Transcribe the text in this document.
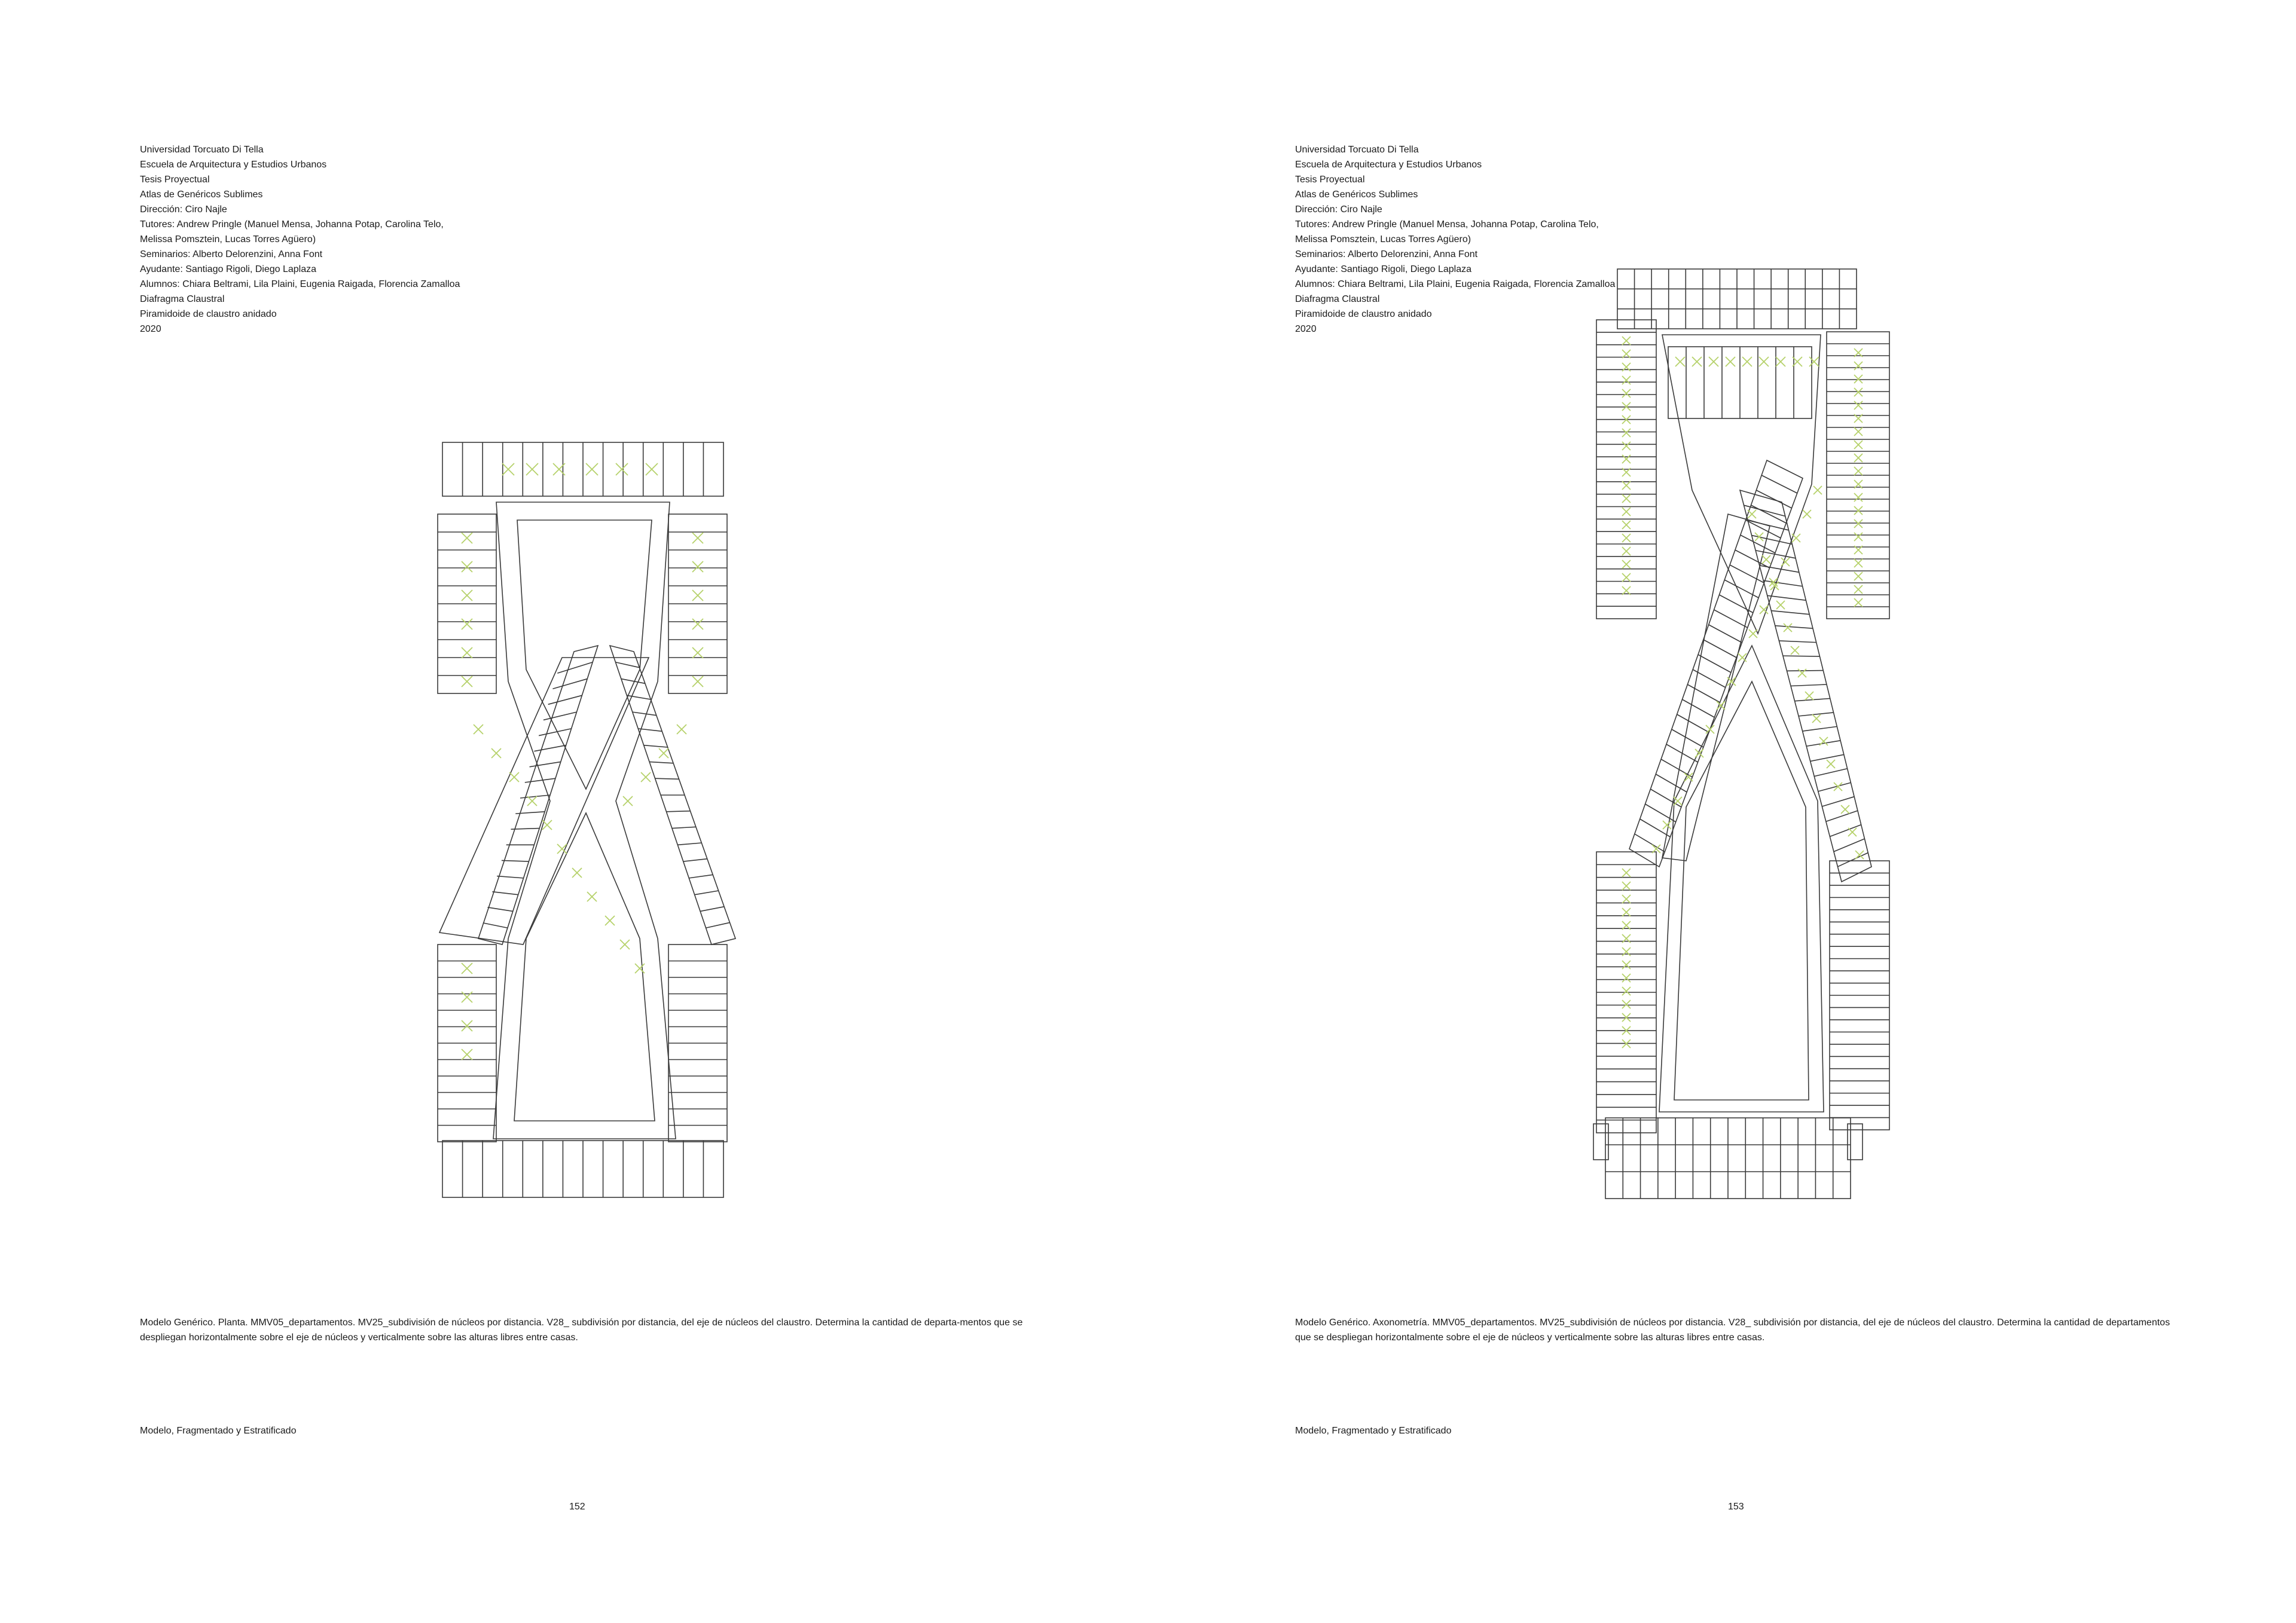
Universidad Torcuato Di Tella
Escuela de Arquitectura y Estudios Urbanos
Tesis Proyectual
Atlas de Genéricos Sublimes
Dirección: Ciro Najle
Tutores: Andrew Pringle (Manuel Mensa, Johanna Potap, Carolina Telo,
Melissa Pomsztein, Lucas Torres Agüero)
Seminarios: Alberto Delorenzini, Anna Font
Ayudante: Santiago Rigoli, Diego Laplaza
Alumnos: Chiara Beltrami, Lila Plaini, Eugenia Raigada, Florencia Zamalloa
Diafragma Claustral
Piramidoide de claustro anidado
2020
Modelo Genérico. Planta. MMV05_departamentos. MV25_subdivisión de núcleos por distancia. V28_ subdivisión por distancia, del eje de núcleos del claustro. Determina la cantidad de departa-mentos que se despliegan horizontalmente sobre el eje de núcleos y verticalmente sobre las alturas libres entre casas.
Modelo, Fragmentado y Estratificado
152
Universidad Torcuato Di Tella
Escuela de Arquitectura y Estudios Urbanos
Tesis Proyectual
Atlas de Genéricos Sublimes
Dirección: Ciro Najle
Tutores: Andrew Pringle (Manuel Mensa, Johanna Potap, Carolina Telo,
Melissa Pomsztein, Lucas Torres Agüero)
Seminarios: Alberto Delorenzini, Anna Font
Ayudante: Santiago Rigoli, Diego Laplaza
Alumnos: Chiara Beltrami, Lila Plaini, Eugenia Raigada, Florencia Zamalloa
Diafragma Claustral
Piramidoide de claustro anidado
2020
Modelo Genérico. Axonometría. MMV05_departamentos. MV25_subdivisión de núcleos por distancia. V28_ subdivisión por distancia, del eje de núcleos del claustro. Determina la cantidad de departamentos que se despliegan horizontalmente sobre el eje de núcleos y verticalmente sobre las alturas libres entre casas.
Modelo, Fragmentado y Estratificado
153
